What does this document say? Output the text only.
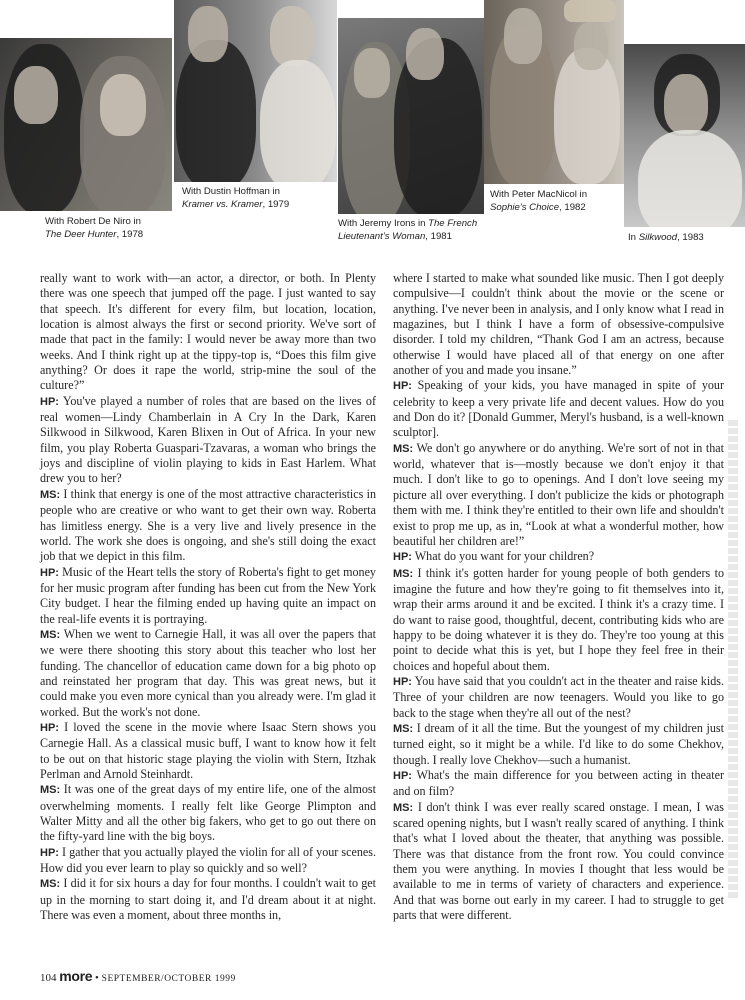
With Robert De Niro in
The Deer Hunter, 1978
With Dustin Hoffman in
Kramer vs. Kramer, 1979
With Jeremy Irons in The French
Lieutenant’s Woman, 1981
With Peter MacNicol in
Sophie's Choice, 1982
In Silkwood, 1983

really want to work with—an actor, a director, or both. In Plenty there was one speech that jumped off the page. I just wanted to say that speech. It's different for every film, but location, location, location is almost always the first or second priority. We've sort of made that pact in the family: I would never be away more than two weeks. And I think right up at the tippy-top is, “Does this film give anything? Or does it rape the world, strip-mine the soul of the culture?”

HP: You've played a number of roles that are based on the lives of real women—Lindy Chamberlain in A Cry In the Dark, Karen Silkwood in Silkwood, Karen Blixen in Out of Africa. In your new film, you play Roberta Guaspari-Tzavaras, a woman who brings the joys and discipline of violin playing to kids in East Harlem. What drew you to her?

MS: I think that energy is one of the most attractive characteristics in people who are creative or who want to get their own way. Roberta has limitless energy. She is a very live and lively presence in the world. The work she does is ongoing, and she's still doing the exact job that we depict in this film.

HP: Music of the Heart tells the story of Roberta's fight to get money for her music program after funding has been cut from the New York City budget. I hear the filming ended up having quite an impact on the real-life events it is portraying.

MS: When we went to Carnegie Hall, it was all over the papers that we were there shooting this story about this teacher who lost her funding. The chancellor of education came down for a big photo op and reinstated her program that day. This was great news, but it could make you even more cynical than you already were. I'm glad it worked. But the work's not done.

HP: I loved the scene in the movie where Isaac Stern shows you Carnegie Hall. As a classical music buff, I want to know how it felt to be out on that historic stage playing the violin with Stern, Itzhak Perlman and Arnold Steinhardt.

MS: It was one of the great days of my entire life, one of the almost overwhelming moments. I really felt like George Plimpton and Walter Mitty and all the other big fakers, who get to go out there on the fifty-yard line with the big boys.

HP: I gather that you actually played the violin for all of your scenes. How did you ever learn to play so quickly and so well?

MS: I did it for six hours a day for four months. I couldn't wait to get up in the morning to start doing it, and I'd dream about it at night. There was even a moment, about three months in,

where I started to make what sounded like music. Then I got deeply compulsive—I couldn't think about the movie or the scene or anything. I've never been in analysis, and I only know what I read in magazines, but I think I have a form of obsessive-compulsive disorder. I told my children, “Thank God I am an actress, because otherwise I would have placed all of that energy on one after another of you and made you insane.”

HP: Speaking of your kids, you have managed in spite of your celebrity to keep a very private life and decent values. How do you and Don do it? [Donald Gummer, Meryl's husband, is a well-known sculptor].

MS: We don't go anywhere or do anything. We're sort of not in that world, whatever that is—mostly because we don't enjoy it that much. I don't like to go to openings. And I don't love seeing my picture all over everything. I don't publicize the kids or photograph them with me. I think they're entitled to their own life and shouldn't exist to prop me up, as in, “Look at what a wonderful mother, how beautiful her children are!”

HP: What do you want for your children?

MS: I think it's gotten harder for young people of both genders to imagine the future and how they're going to fit themselves into it, wrap their arms around it and be excited. I think it's a crazy time. I do want to raise good, thoughtful, decent, contributing kids who are happy to be doing whatever it is they do. They're too young at this point to decide what this is yet, but I hope they feel free in their choices and hopeful about them.

HP: You have said that you couldn't act in the theater and raise kids. Three of your children are now teenagers. Would you like to go back to the stage when they're all out of the nest?

MS: I dream of it all the time. But the youngest of my children just turned eight, so it might be a while. I'd like to do some Chekhov, though. I really love Chekhov—such a humanist.

HP: What's the main difference for you between acting in theater and on film?

MS: I don't think I was ever really scared onstage. I mean, I was scared opening nights, but I wasn't really scared of anything. I think that's what I loved about the theater, that anything was possible. There was that distance from the front row. You could convince them you were anything. In movies I thought that less would be available to me in terms of variety of characters and experience. And that was borne out early in my career. I had to struggle to get parts that were different.

104 more • SEPTEMBER/OCTOBER 1999
